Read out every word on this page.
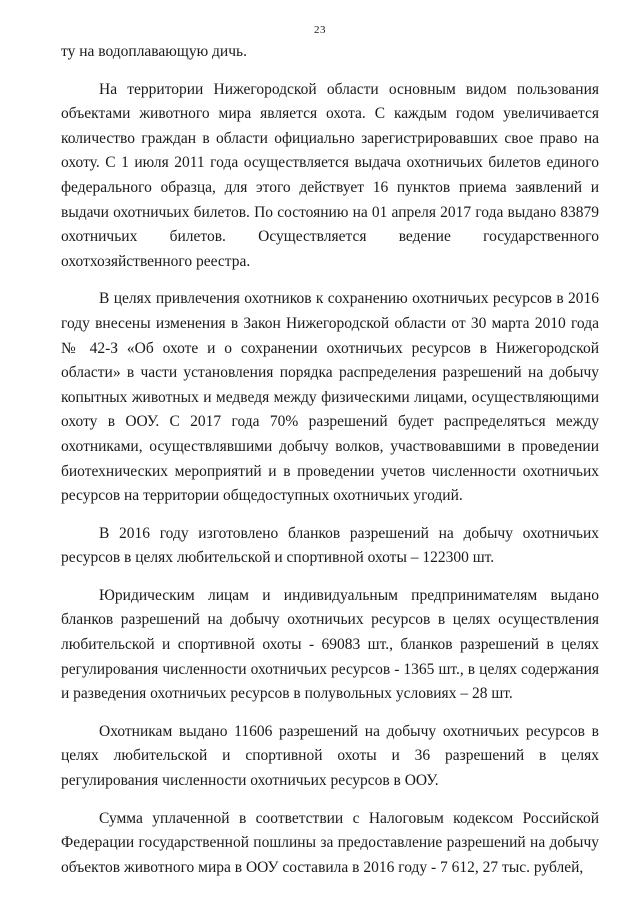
23

ту на водоплавающую дичь.

На территории Нижегородской области основным видом пользования объектами животного мира является охота. С каждым годом увеличивается количество граждан в области официально зарегистрировавших свое право на охоту. С 1 июля 2011 года осуществляется выдача охотничьих билетов единого федерального образца, для этого действует 16 пунктов приема заявлений и выдачи охотничьих билетов. По состоянию на 01 апреля 2017 года выдано 83879 охотничьих билетов. Осуществляется ведение государственного охотхозяйственного реестра.

В целях привлечения охотников к сохранению охотничьих ресурсов в 2016 году внесены изменения в Закон Нижегородской области от 30 марта 2010 года № 42-З «Об охоте и о сохранении охотничьих ресурсов в Нижегородской области» в части установления порядка распределения разрешений на добычу копытных животных и медведя между физическими лицами, осуществляющими охоту в ООУ. С 2017 года 70% разрешений будет распределяться между охотниками, осуществлявшими добычу волков, участвовавшими в проведении биотехнических мероприятий и в проведении учетов численности охотничьих ресурсов на территории общедоступных охотничьих угодий.

В 2016 году изготовлено бланков разрешений на добычу охотничьих ресурсов в целях любительской и спортивной охоты – 122300 шт.

Юридическим лицам и индивидуальным предпринимателям выдано бланков разрешений на добычу охотничьих ресурсов в целях осуществления любительской и спортивной охоты - 69083 шт., бланков разрешений в целях регулирования численности охотничьих ресурсов - 1365 шт., в целях содержания и разведения охотничьих ресурсов в полувольных условиях – 28 шт.

Охотникам выдано 11606 разрешений на добычу охотничьих ресурсов в целях любительской и спортивной охоты и 36 разрешений в целях регулирования численности охотничьих ресурсов в ООУ.

Сумма уплаченной в соответствии с Налоговым кодексом Российской Федерации государственной пошлины за предоставление разрешений на добычу объектов животного мира в ООУ составила в 2016 году - 7 612, 27 тыс. рублей,
